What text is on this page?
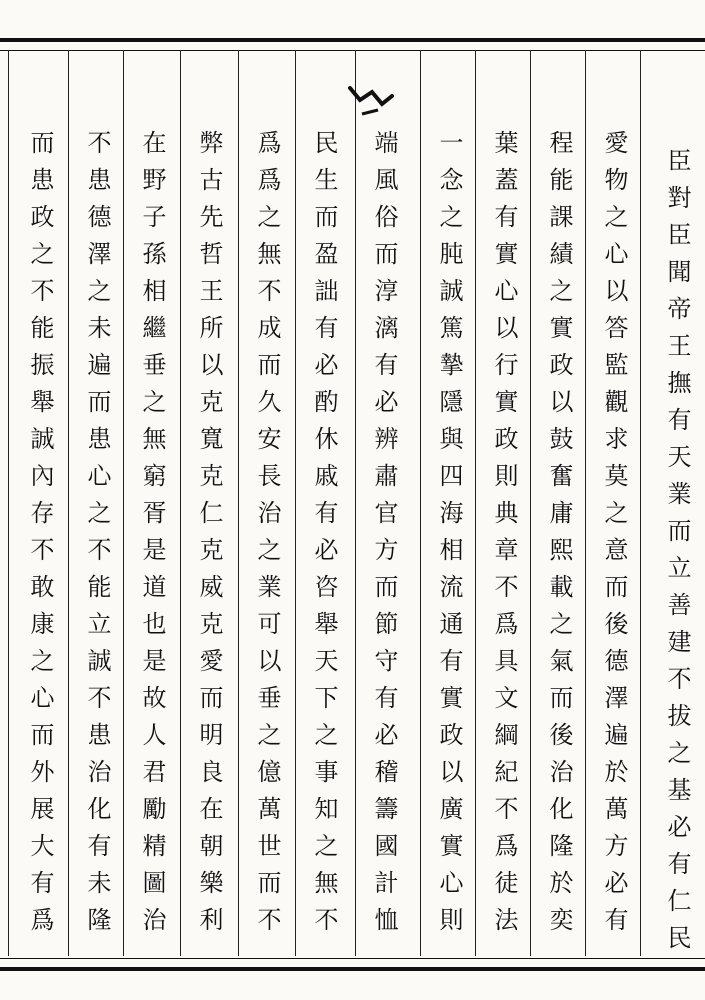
臣對臣聞帝王撫有天業而立善建不拔之基必有仁民
愛物之心以答監觀求莫之意而後德澤遍於萬方必有
程能課績之實政以鼓奮庸熙載之氣而後治化隆於奕
葉蓋有實心以行實政則典章不爲具文綱紀不爲徒法
一念之肫誠篤摯隱與四海相流通有實政以廣實心則
端風俗而淳漓有必辨肅官方而節守有必稽籌國計恤
民生而盈詘有必酌休戚有必咨舉天下之事知之無不
爲爲之無不成而久安長治之業可以垂之億萬世而不
弊古先哲王所以克寬克仁克威克愛而明良在朝樂利
在野子孫相繼垂之無窮胥是道也是故人君勵精圖治
不患德澤之未遍而患心之不能立誠不患治化有未隆
而患政之不能振舉誠內存不敢康之心而外展大有爲
